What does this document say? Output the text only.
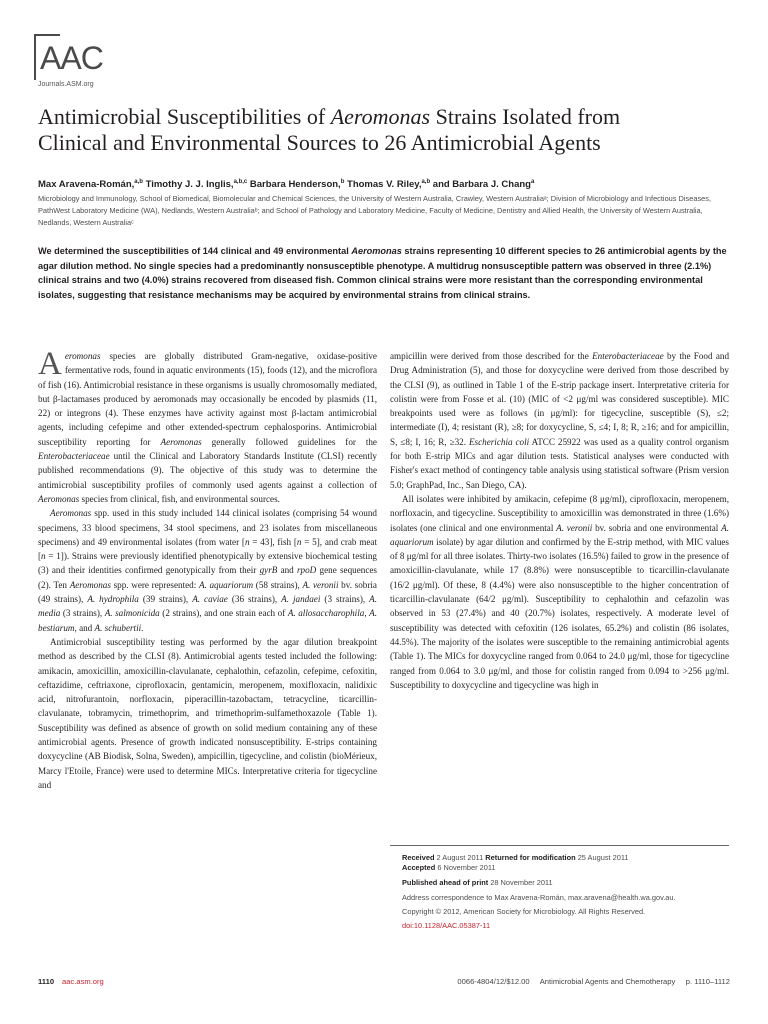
AAC
Journals.ASM.org
Antimicrobial Susceptibilities of Aeromonas Strains Isolated from
Clinical and Environmental Sources to 26 Antimicrobial Agents

Max Aravena-Román,$^{a,b}$ Timothy J. J. Inglis,$^{a,b,c}$ Barbara Henderson,$^b$ Thomas V. Riley,$^{a,b}$ and Barbara J. Chang$^a$

Microbiology and Immunology, School of Biomedical, Biomolecular and Chemical Sciences, the University of Western Australia, Crawley, Western Australiaᵃ; Division of Microbiology and Infectious Diseases, PathWest Laboratory Medicine (WA), Nedlands, Western Australiaᵇ; and School of Pathology and Laboratory Medicine, Faculty of Medicine, Dentistry and Allied Health, the University of Western Australia, Nedlands, Western Australiaᶜ

We determined the susceptibilities of 144 clinical and 49 environmental Aeromonas strains representing 10 different species to 26 antimicrobial agents by the agar dilution method. No single species had a predominantly nonsusceptible phenotype. A multidrug nonsusceptible pattern was observed in three (2.1%) clinical strains and two (4.0%) strains recovered from diseased fish. Common clinical strains were more resistant than the corresponding environmental isolates, suggesting that resistance mechanisms may be acquired by environmental strains from clinical strains.

Aeromonas species are globally distributed Gram-negative, oxidase-positive fermentative rods, found in aquatic environments (15), foods (12), and the microflora of fish (16). Antimicrobial resistance in these organisms is usually chromosomally mediated, but β-lactamases produced by aeromonads may occasionally be encoded by plasmids (11, 22) or integrons (4). These enzymes have activity against most β-lactam antimicrobial agents, including cefepime and other extended-spectrum cephalosporins. Antimicrobial susceptibility reporting for Aeromonas generally followed guidelines for the Enterobacteriaceae until the Clinical and Laboratory Standards Institute (CLSI) recently published recommendations (9). The objective of this study was to determine the antimicrobial susceptibility profiles of commonly used agents against a collection of Aeromonas species from clinical, fish, and environmental sources.

Aeromonas spp. used in this study included 144 clinical isolates (comprising 54 wound specimens, 33 blood specimens, 34 stool specimens, and 23 isolates from miscellaneous specimens) and 49 environmental isolates (from water [n = 43], fish [n = 5], and crab meat [n = 1]). Strains were previously identified phenotypically by extensive biochemical testing (3) and their identities confirmed genotypically from their gyrB and rpoD gene sequences (2). Ten Aeromonas spp. were represented: A. aquariorum (58 strains), A. veronii bv. sobria (49 strains), A. hydrophila (39 strains), A. caviae (36 strains), A. jandaei (3 strains), A. media (3 strains), A. salmonicida (2 strains), and one strain each of A. allosaccharophila, A. bestiarum, and A. schubertii.

Antimicrobial susceptibility testing was performed by the agar dilution breakpoint method as described by the CLSI (8). Antimicrobial agents tested included the following: amikacin, amoxicillin, amoxicillin-clavulanate, cephalothin, cefazolin, cefepime, cefoxitin, ceftazidime, ceftriaxone, ciprofloxacin, gentamicin, meropenem, moxifloxacin, nalidixic acid, nitrofurantoin, norfloxacin, piperacillin-tazobactam, tetracycline, ticarcillin-clavulanate, tobramycin, trimethoprim, and trimethoprim-sulfamethoxazole (Table 1). Susceptibility was defined as absence of growth on solid medium containing any of these antimicrobial agents. Presence of growth indicated nonsusceptibility. E-strips containing doxycycline (AB Biodisk, Solna, Sweden), ampicillin, tigecycline, and colistin (bioMérieux, Marcy l'Etoile, France) were used to determine MICs. Interpretative criteria for tigecycline and

ampicillin were derived from those described for the Enterobacteriaceae by the Food and Drug Administration (5), and those for doxycycline were derived from those described by the CLSI (9), as outlined in Table 1 of the E-strip package insert. Interpretative criteria for colistin were from Fosse et al. (10) (MIC of <2 μg/ml was considered susceptible). MIC breakpoints used were as follows (in μg/ml): for tigecycline, susceptible (S), ≤2; intermediate (I), 4; resistant (R), ≥8; for doxycycline, S, ≤4; I, 8; R, ≥16; and for ampicillin, S, ≤8; I, 16; R, ≥32. Escherichia coli ATCC 25922 was used as a quality control organism for both E-strip MICs and agar dilution tests. Statistical analyses were conducted with Fisher's exact method of contingency table analysis using statistical software (Prism version 5.0; GraphPad, Inc., San Diego, CA).

All isolates were inhibited by amikacin, cefepime (8 μg/ml), ciprofloxacin, meropenem, norfloxacin, and tigecycline. Susceptibility to amoxicillin was demonstrated in three (1.6%) isolates (one clinical and one environmental A. veronii bv. sobria and one environmental A. aquariorum isolate) by agar dilution and confirmed by the E-strip method, with MIC values of 8 μg/ml for all three isolates. Thirty-two isolates (16.5%) failed to grow in the presence of amoxicillin-clavulanate, while 17 (8.8%) were nonsusceptible to ticarcillin-clavulanate (16/2 μg/ml). Of these, 8 (4.4%) were also nonsusceptible to the higher concentration of ticarcillin-clavulanate (64/2 μg/ml). Susceptibility to cephalothin and cefazolin was observed in 53 (27.4%) and 40 (20.7%) isolates, respectively. A moderate level of susceptibility was detected with cefoxitin (126 isolates, 65.2%) and colistin (86 isolates, 44.5%). The majority of the isolates were susceptible to the remaining antimicrobial agents (Table 1). The MICs for doxycycline ranged from 0.064 to 24.0 μg/ml, those for tigecycline ranged from 0.064 to 3.0 μg/ml, and those for colistin ranged from 0.094 to >256 μg/ml. Susceptibility to doxycycline and tigecycline was high in

Received 2 August 2011 Returned for modification 25 August 2011
Accepted 6 November 2011
Published ahead of print 28 November 2011
Address correspondence to Max Aravena-Román, max.aravena@health.wa.gov.au.
Copyright © 2012, American Society for Microbiology. All Rights Reserved.
doi:10.1128/AAC.05387-11
1110 aac.asm.org	0066-4804/12/$12.00     Antimicrobial Agents and Chemotherapy     p. 1110–1112
